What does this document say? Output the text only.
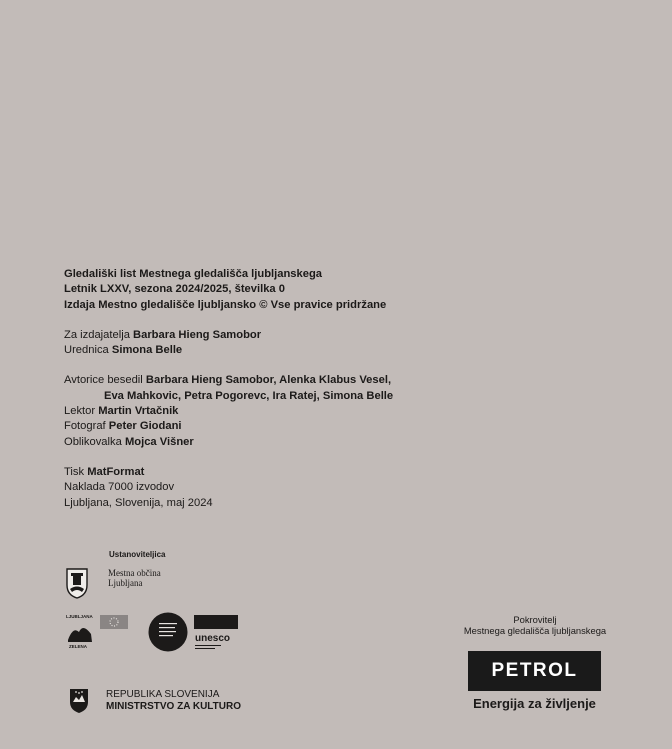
Gledališki list Mestnega gledališča ljubljanskega
Letnik LXXV, sezona 2024/2025, številka 0
Izdaja Mestno gledališče ljubljansko © Vse pravice pridržane
Za izdajatelja Barbara Hieng Samobor
Urednica Simona Belle
Avtorice besedil Barbara Hieng Samobor, Alenka Klabus Vesel,
Eva Mahkovic, Petra Pogorevc, Ira Ratej, Simona Belle
Lektor Martin Vrtačnik
Fotograf Peter Giodani
Oblikovalka Mojca Višner
Tisk MatFormat
Naklada 7000 izvodov
Ljubljana, Slovenija, maj 2024
Ustanoviteljica
Mestna občina
Ljubljana
LJUBLJANA
ZELENA
unesco
Pokrovitelj
Mestnega gledališča ljubljanskega
PETROL
Energija za življenje
REPUBLIKA SLOVENIJA
MINISTRSTVO ZA KULTURO
